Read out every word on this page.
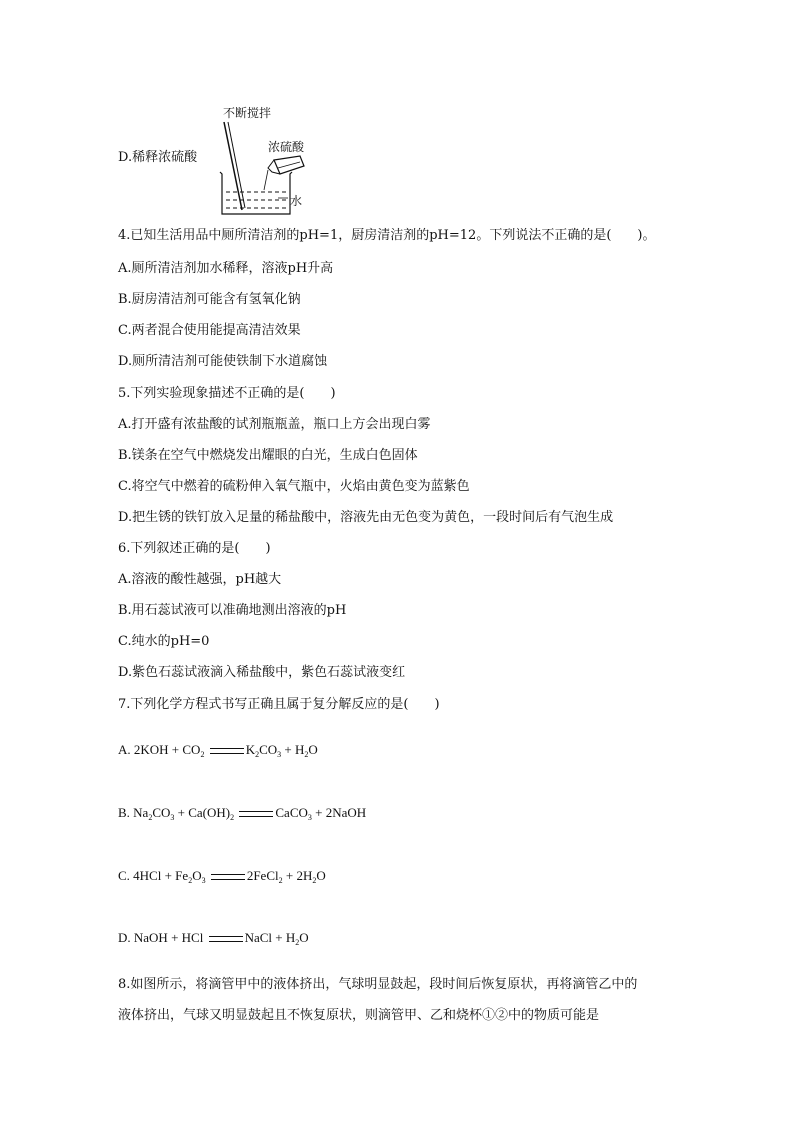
D.稀释浓硫酸
不断搅拌
浓硫酸
水
4.已知生活用品中厕所清洁剂的pH=1，厨房清洁剂的pH=12。下列说法不正确的是(　　)。
A.厕所清洁剂加水稀释，溶液pH升高
B.厨房清洁剂可能含有氢氧化钠
C.两者混合使用能提高清洁效果
D.厕所清洁剂可能使铁制下水道腐蚀
5.下列实验现象描述不正确的是(　　)
A.打开盛有浓盐酸的试剂瓶瓶盖，瓶口上方会出现白雾
B.镁条在空气中燃烧发出耀眼的白光，生成白色固体
C.将空气中燃着的硫粉伸入氧气瓶中，火焰由黄色变为蓝紫色
D.把生锈的铁钉放入足量的稀盐酸中，溶液先由无色变为黄色，一段时间后有气泡生成
6.下列叙述正确的是(　　)
A.溶液的酸性越强，pH越大
B.用石蕊试液可以准确地测出溶液的pH
C.纯水的pH=0
D.紫色石蕊试液滴入稀盐酸中，紫色石蕊试液变红
7.下列化学方程式书写正确且属于复分解反应的是(　　)
A. $2KOH + CO_2$	$K_2CO_3 + H_2O$
B. $Na_2CO_3 + Ca(OH)_2$	CaCO$_3$ + 2NaOH
C. $4HCl + Fe_2O_3$	2FeCl$_2$ + $2H_2O$
D. NaOH + HCl	NaCl + $H_2O$
8.如图所示，将滴管甲中的液体挤出，气球明显鼓起，段时间后恢复原状，再将滴管乙中的
液体挤出，气球又明显鼓起且不恢复原状，则滴管甲、乙和烧杯①②中的物质可能是
